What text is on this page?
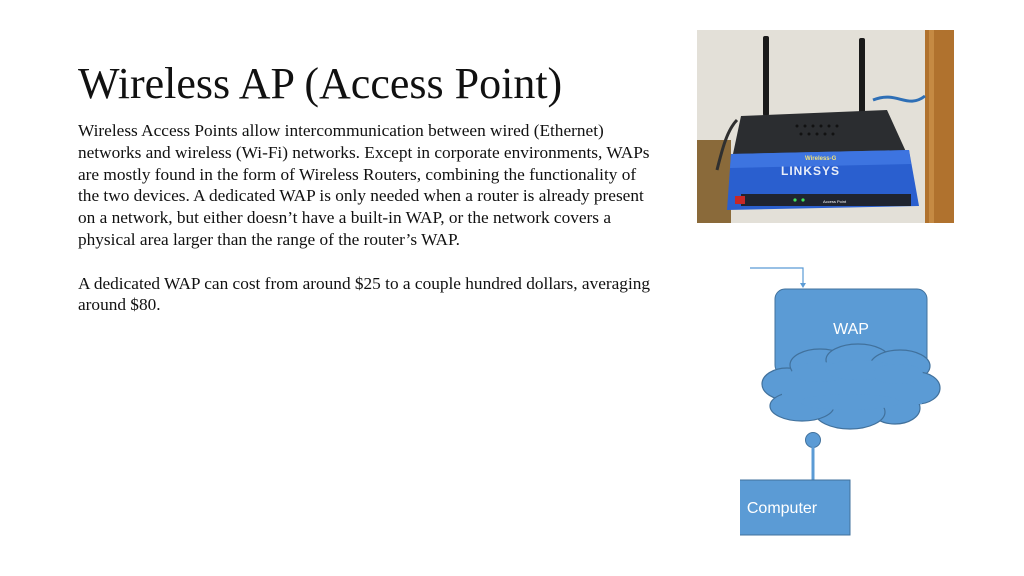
Wireless AP (Access Point)

Wireless Access Points allow intercommunication between wired (Ethernet) networks and wireless (Wi-Fi) networks. Except in corporate environments, WAPs are mostly found in the form of Wireless Routers, combining the functionality of the two devices. A dedicated WAP is only needed when a router is already present on a network, but either doesn’t have a built-in WAP, or the network covers a physical area larger than the range of the router’s WAP.

A dedicated WAP can cost from around $25 to a couple hundred dollars, averaging around $80.

Wireless-G
LINKSYS
Access Point
WAP
Computer
